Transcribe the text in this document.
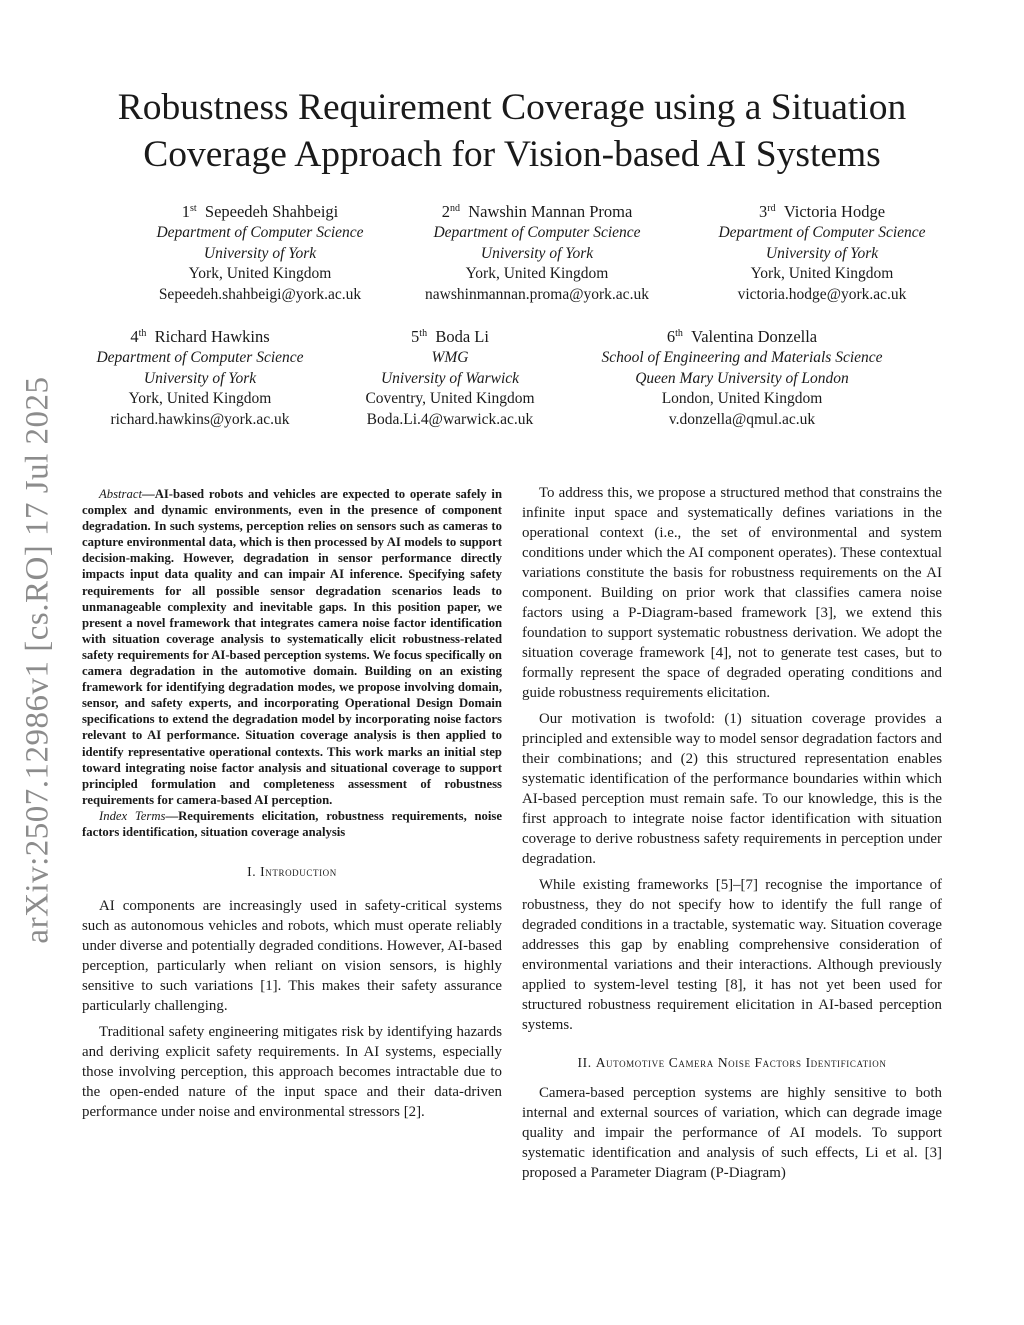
arXiv:2507.12986v1 [cs.RO] 17 Jul 2025
Robustness Requirement Coverage using a Situation Coverage Approach for Vision-based AI Systems
1st Sepeedeh Shahbeigi
Department of Computer Science
University of York
York, United Kingdom
Sepeedeh.shahbeigi@york.ac.uk
2nd Nawshin Mannan Proma
Department of Computer Science
University of York
York, United Kingdom
nawshinmannan.proma@york.ac.uk
3rd Victoria Hodge
Department of Computer Science
University of York
York, United Kingdom
victoria.hodge@york.ac.uk
4th Richard Hawkins
Department of Computer Science
University of York
York, United Kingdom
richard.hawkins@york.ac.uk
5th Boda Li
WMG
University of Warwick
Coventry, United Kingdom
Boda.Li.4@warwick.ac.uk
6th Valentina Donzella
School of Engineering and Materials Science
Queen Mary University of London
London, United Kingdom
v.donzella@qmul.ac.uk

Abstract—AI-based robots and vehicles are expected to operate safely in complex and dynamic environments, even in the presence of component degradation. In such systems, perception relies on sensors such as cameras to capture environmental data, which is then processed by AI models to support decision-making. However, degradation in sensor performance directly impacts input data quality and can impair AI inference. Specifying safety requirements for all possible sensor degradation scenarios leads to unmanageable complexity and inevitable gaps. In this position paper, we present a novel framework that integrates camera noise factor identification with situation coverage analysis to systematically elicit robustness-related safety requirements for AI-based perception systems. We focus specifically on camera degradation in the automotive domain. Building on an existing framework for identifying degradation modes, we propose involving domain, sensor, and safety experts, and incorporating Operational Design Domain specifications to extend the degradation model by incorporating noise factors relevant to AI performance. Situation coverage analysis is then applied to identify representative operational contexts. This work marks an initial step toward integrating noise factor analysis and situational coverage to support principled formulation and completeness assessment of robustness requirements for camera-based AI perception.

Index Terms—Requirements elicitation, robustness requirements, noise factors identification, situation coverage analysis

I. Introduction

AI components are increasingly used in safety-critical systems such as autonomous vehicles and robots, which must operate reliably under diverse and potentially degraded conditions. However, AI-based perception, particularly when reliant on vision sensors, is highly sensitive to such variations [1]. This makes their safety assurance particularly challenging.

Traditional safety engineering mitigates risk by identifying hazards and deriving explicit safety requirements. In AI systems, especially those involving perception, this approach becomes intractable due to the open-ended nature of the input space and their data-driven performance under noise and environmental stressors [2].

To address this, we propose a structured method that constrains the infinite input space and systematically defines variations in the operational context (i.e., the set of environmental and system conditions under which the AI component operates). These contextual variations constitute the basis for robustness requirements on the AI component. Building on prior work that classifies camera noise factors using a P-Diagram-based framework [3], we extend this foundation to support systematic robustness derivation. We adopt the situation coverage framework [4], not to generate test cases, but to formally represent the space of degraded operating conditions and guide robustness requirements elicitation.

Our motivation is twofold: (1) situation coverage provides a principled and extensible way to model sensor degradation factors and their combinations; and (2) this structured representation enables systematic identification of the performance boundaries within which AI-based perception must remain safe. To our knowledge, this is the first approach to integrate noise factor identification with situation coverage to derive robustness safety requirements in perception under degradation.

While existing frameworks [5]–[7] recognise the importance of robustness, they do not specify how to identify the full range of degraded conditions in a tractable, systematic way. Situation coverage addresses this gap by enabling comprehensive consideration of environmental variations and their interactions. Although previously applied to system-level testing [8], it has not yet been used for structured robustness requirement elicitation in AI-based perception systems.

II. Automotive Camera Noise Factors Identification

Camera-based perception systems are highly sensitive to both internal and external sources of variation, which can degrade image quality and impair the performance of AI models. To support systematic identification and analysis of such effects, Li et al. [3] proposed a Parameter Diagram (P-Diagram)
